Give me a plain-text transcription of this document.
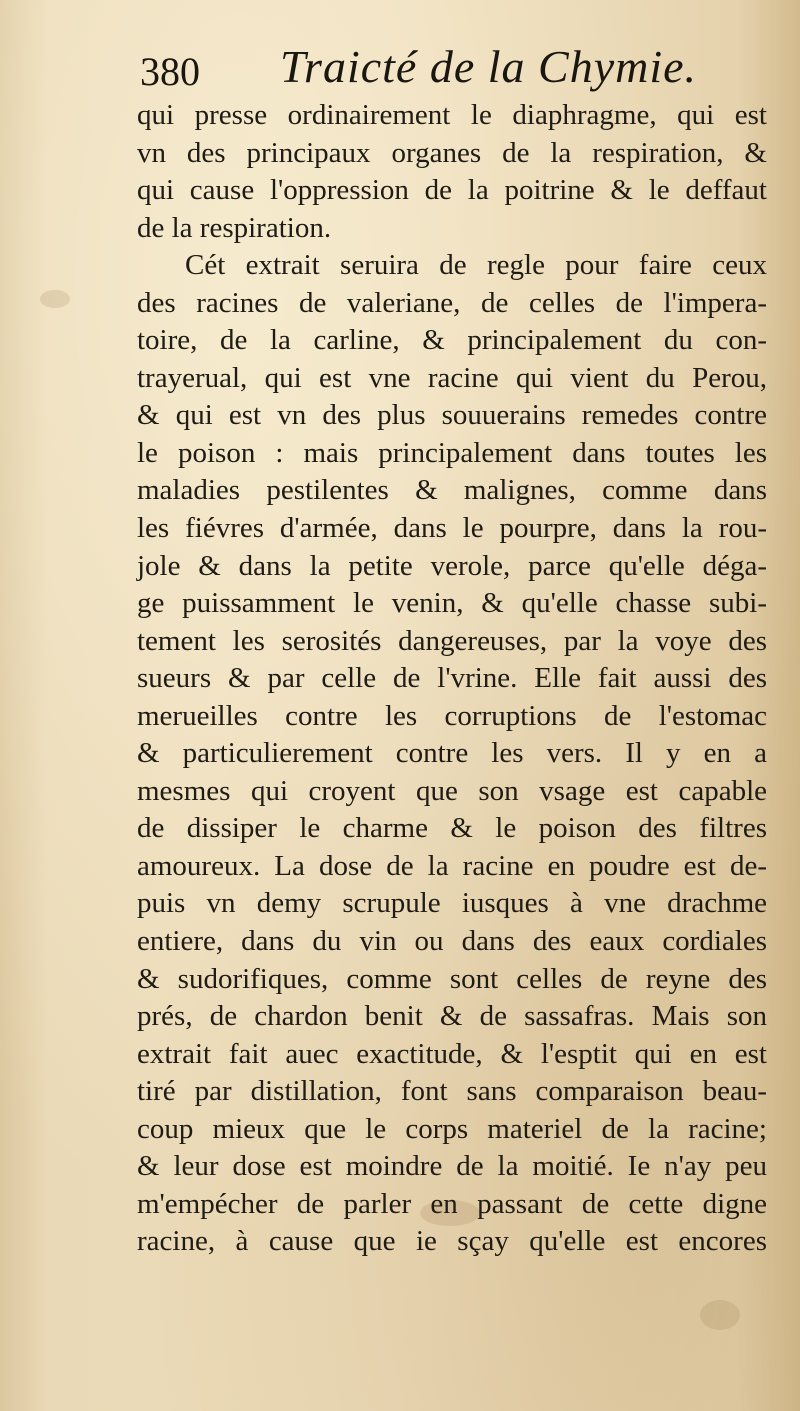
380 Traicté de la Chymie.
qui presse ordinairement le diaphragme, qui est
vn des principaux organes de la respiration, &
qui cause l'oppression de la poitrine & le deffaut
de la respiration.
Cét extrait seruira de regle pour faire ceux
des racines de valeriane, de celles de l'impera-
toire, de la carline, & principalement du con-
trayerual, qui est vne racine qui vient du Perou,
& qui est vn des plus souuerains remedes contre
le poison : mais principalement dans toutes les
maladies pestilentes & malignes, comme dans
les fiévres d'armée, dans le pourpre, dans la rou-
jole & dans la petite verole, parce qu'elle déga-
ge puissamment le venin, & qu'elle chasse subi-
tement les serosités dangereuses, par la voye des
sueurs & par celle de l'vrine. Elle fait aussi des
merueilles contre les corruptions de l'estomac
& particulierement contre les vers. Il y en a
mesmes qui croyent que son vsage est capable
de dissiper le charme & le poison des filtres
amoureux. La dose de la racine en poudre est de-
puis vn demy scrupule iusques à vne drachme
entiere, dans du vin ou dans des eaux cordiales
& sudorifiques, comme sont celles de reyne des
prés, de chardon benit & de sassafras. Mais son
extrait fait auec exactitude, & l'esptit qui en est
tiré par distillation, font sans comparaison beau-
coup mieux que le corps materiel de la racine;
& leur dose est moindre de la moitié. Ie n'ay peu
m'empécher de parler en passant de cette digne
racine, à cause que ie sçay qu'elle est encores
